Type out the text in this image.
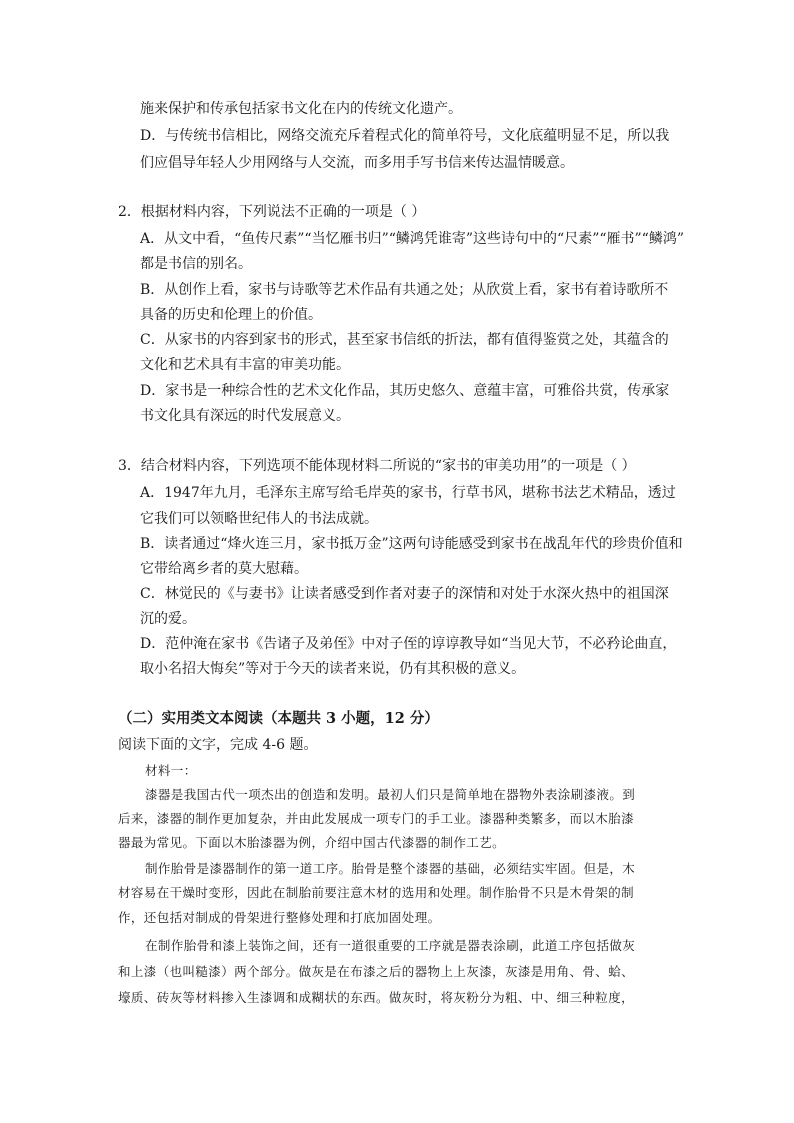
施来保护和传承包括家书文化在内的传统文化遗产。
D．与传统书信相比，网络交流充斥着程式化的简单符号，文化底蕴明显不足，所以我
们应倡导年轻人少用网络与人交流，而多用手写书信来传达温情暖意。
2．根据材料内容，下列说法不正确的一项是（ ）
A．从文中看，“鱼传尺素”“当忆雁书归”“鳞鸿凭谁寄”这些诗句中的“尺素”“雁书”“鳞鸿”
都是书信的别名。
B．从创作上看，家书与诗歌等艺术作品有共通之处；从欣赏上看，家书有着诗歌所不
具备的历史和伦理上的价值。
C．从家书的内容到家书的形式，甚至家书信纸的折法，都有值得鉴赏之处，其蕴含的
文化和艺术具有丰富的审美功能。
D．家书是一种综合性的艺术文化作品，其历史悠久、意蕴丰富，可雅俗共赏，传承家
书文化具有深远的时代发展意义。
3．结合材料内容，下列选项不能体现材料二所说的“家书的审美功用”的一项是（ ）
A．1947年九月，毛泽东主席写给毛岸英的家书，行草书风，堪称书法艺术精品，透过
它我们可以领略世纪伟人的书法成就。
B．读者通过“烽火连三月，家书抵万金”这两句诗能感受到家书在战乱年代的珍贵价值和
它带给离乡者的莫大慰藉。
C．林觉民的《与妻书》让读者感受到作者对妻子的深情和对处于水深火热中的祖国深
沉的爱。
D．范仲淹在家书《告诸子及弟侄》中对子侄的谆谆教导如“当见大节，不必矜论曲直，
取小名招大悔矣”等对于今天的读者来说，仍有其积极的意义。
（二）实用类文本阅读（本题共 3 小题，12 分）
阅读下面的文字，完成 4-6 题。
材料一：
漆器是我国古代一项杰出的创造和发明。最初人们只是简单地在器物外表涂刷漆液。到
后来，漆器的制作更加复杂，并由此发展成一项专门的手工业。漆器种类繁多，而以木胎漆
器最为常见。下面以木胎漆器为例，介绍中国古代漆器的制作工艺。
制作胎骨是漆器制作的第一道工序。胎骨是整个漆器的基础，必须结实牢固。但是，木
材容易在干燥时变形，因此在制胎前要注意木材的选用和处理。制作胎骨不只是木骨架的制
作，还包括对制成的骨架进行整修处理和打底加固处理。
在制作胎骨和漆上装饰之间，还有一道很重要的工序就是器表涂刷，此道工序包括做灰
和上漆（也叫糙漆）两个部分。做灰是在布漆之后的器物上上灰漆，灰漆是用角、骨、蛤、
壕质、砖灰等材料掺入生漆调和成糊状的东西。做灰时，将灰粉分为粗、中、细三种粒度，
